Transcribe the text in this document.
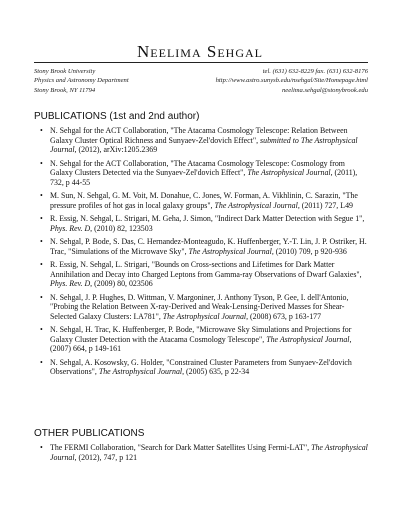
Neelima Sehgal
Stony Brook University	tel. (631) 632-8229 fax. (631) 632-8176
Physics and Astronomy Department	http://www.astro.sunysb.edu/nsehgal/Site/Homepage.html
Stony Brook, NY 11794	neelima.sehgal@stonybrook.edu
PUBLICATIONS (1st and 2nd author)
• N. Sehgal for the ACT Collaboration, "The Atacama Cosmology Telescope: Relation Between Galaxy Cluster Optical Richness and Sunyaev-Zel'dovich Effect", submitted to The Astrophysical Journal, (2012), arXiv:1205.2369
• N. Sehgal for the ACT Collaboration, "The Atacama Cosmology Telescope: Cosmology from Galaxy Clusters Detected via the Sunyaev-Zel'dovich Effect", The Astrophysical Journal, (2011), 732, p 44-55
• M. Sun, N. Sehgal, G. M. Voit, M. Donahue, C. Jones, W. Forman, A. Vikhlinin, C. Sarazin, "The pressure profiles of hot gas in local galaxy groups", The Astrophysical Journal, (2011) 727, L49
• R. Essig, N. Sehgal, L. Strigari, M. Geha, J. Simon, "Indirect Dark Matter Detection with Segue 1", Phys. Rev. D, (2010) 82, 123503
• N. Sehgal, P. Bode, S. Das, C. Hernandez-Monteagudo, K. Huffenberger, Y.-T. Lin, J. P. Ostriker, H. Trac, "Simulations of the Microwave Sky", The Astrophysical Journal, (2010) 709, p 920-936
• R. Essig, N. Sehgal, L. Strigari, "Bounds on Cross-sections and Lifetimes for Dark Matter Annihilation and Decay into Charged Leptons from Gamma-ray Observations of Dwarf Galaxies", Phys. Rev. D, (2009) 80, 023506
• N. Sehgal, J. P. Hughes, D. Wittman, V. Margoniner, J. Anthony Tyson, P. Gee, I. dell'Antonio, "Probing the Relation Between X-ray-Derived and Weak-Lensing-Derived Masses for Shear-Selected Galaxy Clusters: I.A781", The Astrophysical Journal, (2008) 673, p 163-177
• N. Sehgal, H. Trac, K. Huffenberger, P. Bode, "Microwave Sky Simulations and Projections for Galaxy Cluster Detection with the Atacama Cosmology Telescope", The Astrophysical Journal, (2007) 664, p 149-161
• N. Sehgal, A. Kosowsky, G. Holder, "Constrained Cluster Parameters from Sunyaev-Zel'dovich Observations", The Astrophysical Journal, (2005) 635, p 22-34
OTHER PUBLICATIONS
• The FERMI Collaboration, "Search for Dark Matter Satellites Using Fermi-LAT", The Astrophysical Journal, (2012), 747, p 121
